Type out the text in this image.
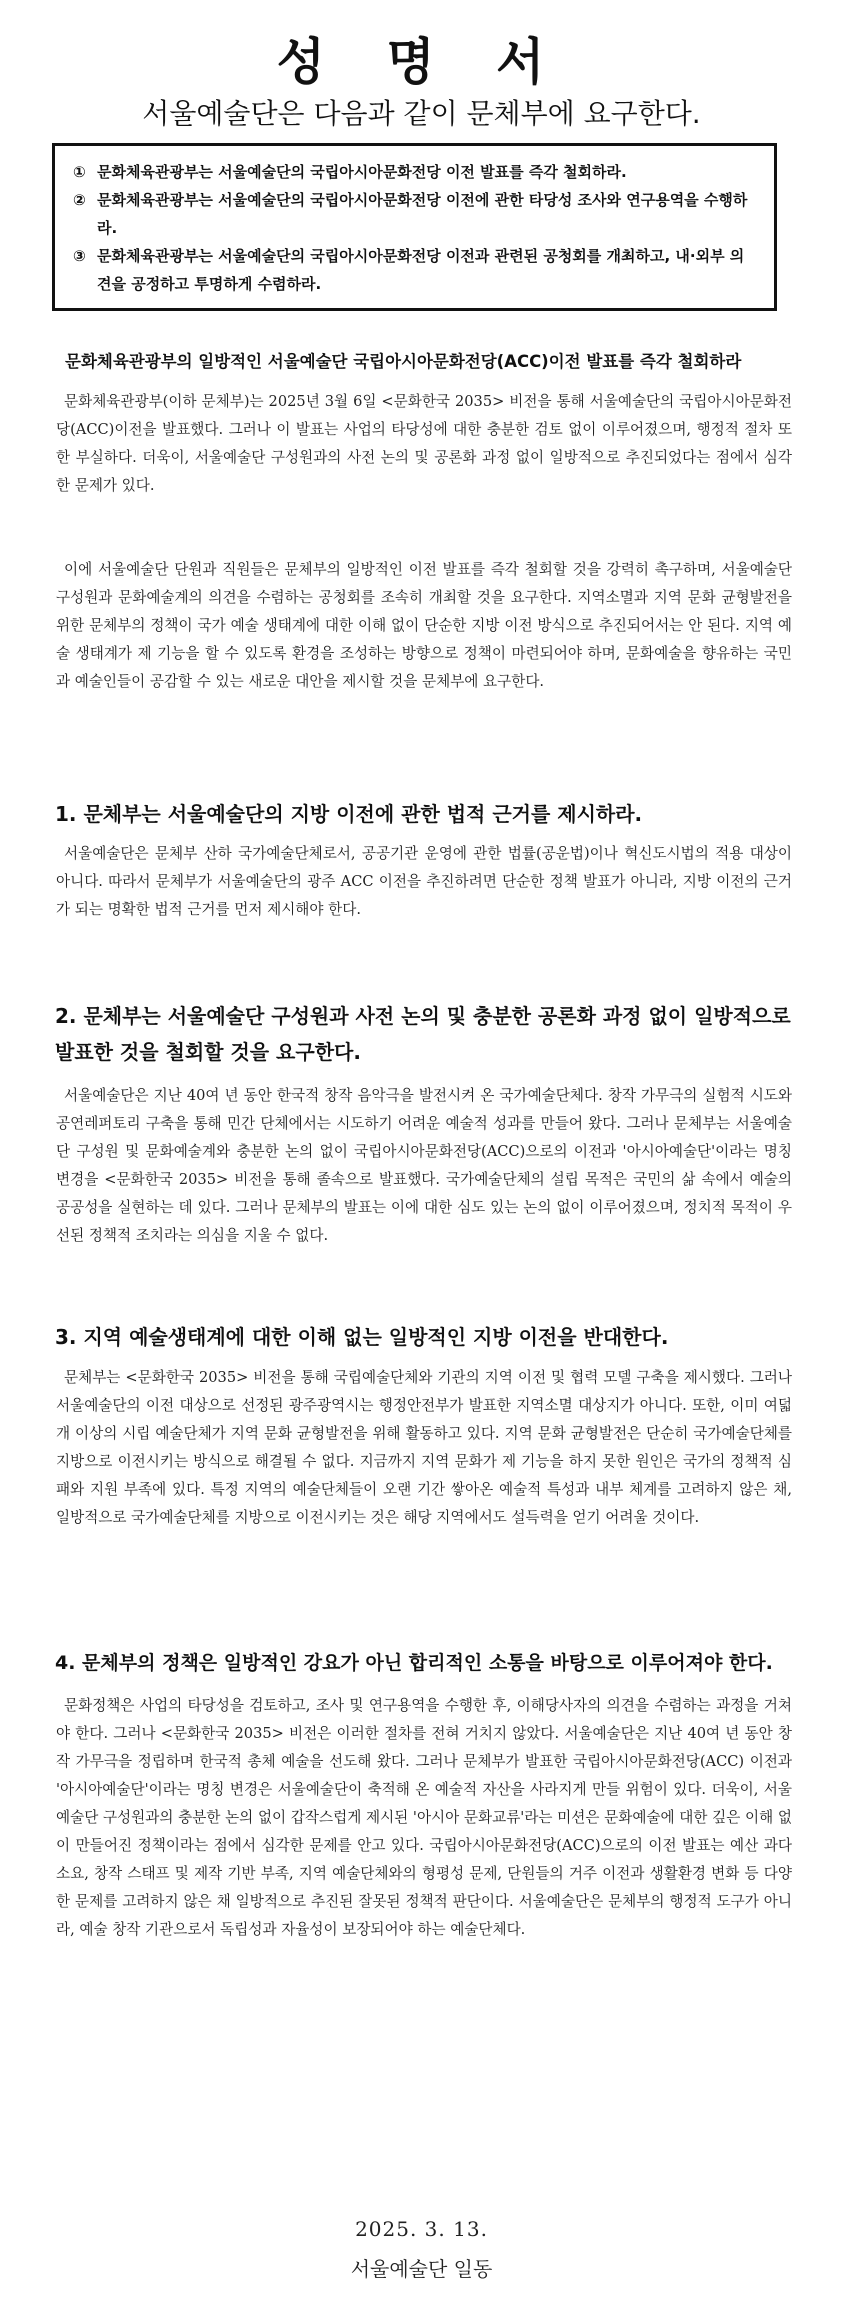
성 명 서
서울예술단은 다음과 같이 문체부에 요구한다.
① 문화체육관광부는 서울예술단의 국립아시아문화전당 이전 발표를 즉각 철회하라.
② 문화체육관광부는 서울예술단의 국립아시아문화전당 이전에 관한 타당성 조사와 연구용역을 수행하라.
③ 문화체육관광부는 서울예술단의 국립아시아문화전당 이전과 관련된 공청회를 개최하고, 내·외부 의견을 공정하고 투명하게 수렴하라.
문화체육관광부의 일방적인 서울예술단 국립아시아문화전당(ACC)이전 발표를 즉각 철회하라

문화체육관광부(이하 문체부)는 2025년 3월 6일 <문화한국 2035> 비전을 통해 서울예술단의 국립아시아문화전당(ACC)이전을 발표했다. 그러나 이 발표는 사업의 타당성에 대한 충분한 검토 없이 이루어졌으며, 행정적 절차 또한 부실하다. 더욱이, 서울예술단 구성원과의 사전 논의 및 공론화 과정 없이 일방적으로 추진되었다는 점에서 심각한 문제가 있다.

이에 서울예술단 단원과 직원들은 문체부의 일방적인 이전 발표를 즉각 철회할 것을 강력히 촉구하며, 서울예술단 구성원과 문화예술계의 의견을 수렴하는 공청회를 조속히 개최할 것을 요구한다. 지역소멸과 지역 문화 균형발전을 위한 문체부의 정책이 국가 예술 생태계에 대한 이해 없이 단순한 지방 이전 방식으로 추진되어서는 안 된다. 지역 예술 생태계가 제 기능을 할 수 있도록 환경을 조성하는 방향으로 정책이 마련되어야 하며, 문화예술을 향유하는 국민과 예술인들이 공감할 수 있는 새로운 대안을 제시할 것을 문체부에 요구한다.

1. 문체부는 서울예술단의 지방 이전에 관한 법적 근거를 제시하라.

서울예술단은 문체부 산하 국가예술단체로서, 공공기관 운영에 관한 법률(공운법)이나 혁신도시법의 적용 대상이 아니다. 따라서 문체부가 서울예술단의 광주 ACC 이전을 추진하려면 단순한 정책 발표가 아니라, 지방 이전의 근거가 되는 명확한 법적 근거를 먼저 제시해야 한다.

2. 문체부는 서울예술단 구성원과 사전 논의 및 충분한 공론화 과정 없이 일방적으로 발표한 것을 철회할 것을 요구한다.

서울예술단은 지난 40여 년 동안 한국적 창작 음악극을 발전시켜 온 국가예술단체다. 창작 가무극의 실험적 시도와 공연레퍼토리 구축을 통해 민간 단체에서는 시도하기 어려운 예술적 성과를 만들어 왔다. 그러나 문체부는 서울예술단 구성원 및 문화예술계와 충분한 논의 없이 국립아시아문화전당(ACC)으로의 이전과 '아시아예술단'이라는 명칭 변경을 <문화한국 2035> 비전을 통해 졸속으로 발표했다. 국가예술단체의 설립 목적은 국민의 삶 속에서 예술의 공공성을 실현하는 데 있다. 그러나 문체부의 발표는 이에 대한 심도 있는 논의 없이 이루어졌으며, 정치적 목적이 우선된 정책적 조치라는 의심을 지울 수 없다.

3. 지역 예술생태계에 대한 이해 없는 일방적인 지방 이전을 반대한다.

문체부는 <문화한국 2035> 비전을 통해 국립예술단체와 기관의 지역 이전 및 협력 모델 구축을 제시했다. 그러나 서울예술단의 이전 대상으로 선정된 광주광역시는 행정안전부가 발표한 지역소멸 대상지가 아니다. 또한, 이미 여덟 개 이상의 시립 예술단체가 지역 문화 균형발전을 위해 활동하고 있다. 지역 문화 균형발전은 단순히 국가예술단체를 지방으로 이전시키는 방식으로 해결될 수 없다. 지금까지 지역 문화가 제 기능을 하지 못한 원인은 국가의 정책적 심패와 지원 부족에 있다. 특정 지역의 예술단체들이 오랜 기간 쌓아온 예술적 특성과 내부 체계를 고려하지 않은 채, 일방적으로 국가예술단체를 지방으로 이전시키는 것은 해당 지역에서도 설득력을 얻기 어려울 것이다.

4. 문체부의 정책은 일방적인 강요가 아닌 합리적인 소통을 바탕으로 이루어져야 한다.

문화정책은 사업의 타당성을 검토하고, 조사 및 연구용역을 수행한 후, 이해당사자의 의견을 수렴하는 과정을 거쳐야 한다. 그러나 <문화한국 2035> 비전은 이러한 절차를 전혀 거치지 않았다. 서울예술단은 지난 40여 년 동안 창작 가무극을 정립하며 한국적 총체 예술을 선도해 왔다. 그러나 문체부가 발표한 국립아시아문화전당(ACC) 이전과 '아시아예술단'이라는 명칭 변경은 서울예술단이 축적해 온 예술적 자산을 사라지게 만들 위험이 있다. 더욱이, 서울예술단 구성원과의 충분한 논의 없이 갑작스럽게 제시된 '아시아 문화교류'라는 미션은 문화예술에 대한 깊은 이해 없이 만들어진 정책이라는 점에서 심각한 문제를 안고 있다. 국립아시아문화전당(ACC)으로의 이전 발표는 예산 과다 소요, 창작 스태프 및 제작 기반 부족, 지역 예술단체와의 형평성 문제, 단원들의 거주 이전과 생활환경 변화 등 다양한 문제를 고려하지 않은 채 일방적으로 추진된 잘못된 정책적 판단이다. 서울예술단은 문체부의 행정적 도구가 아니라, 예술 창작 기관으로서 독립성과 자율성이 보장되어야 하는 예술단체다.

2025. 3. 13.

서울예술단 일동
